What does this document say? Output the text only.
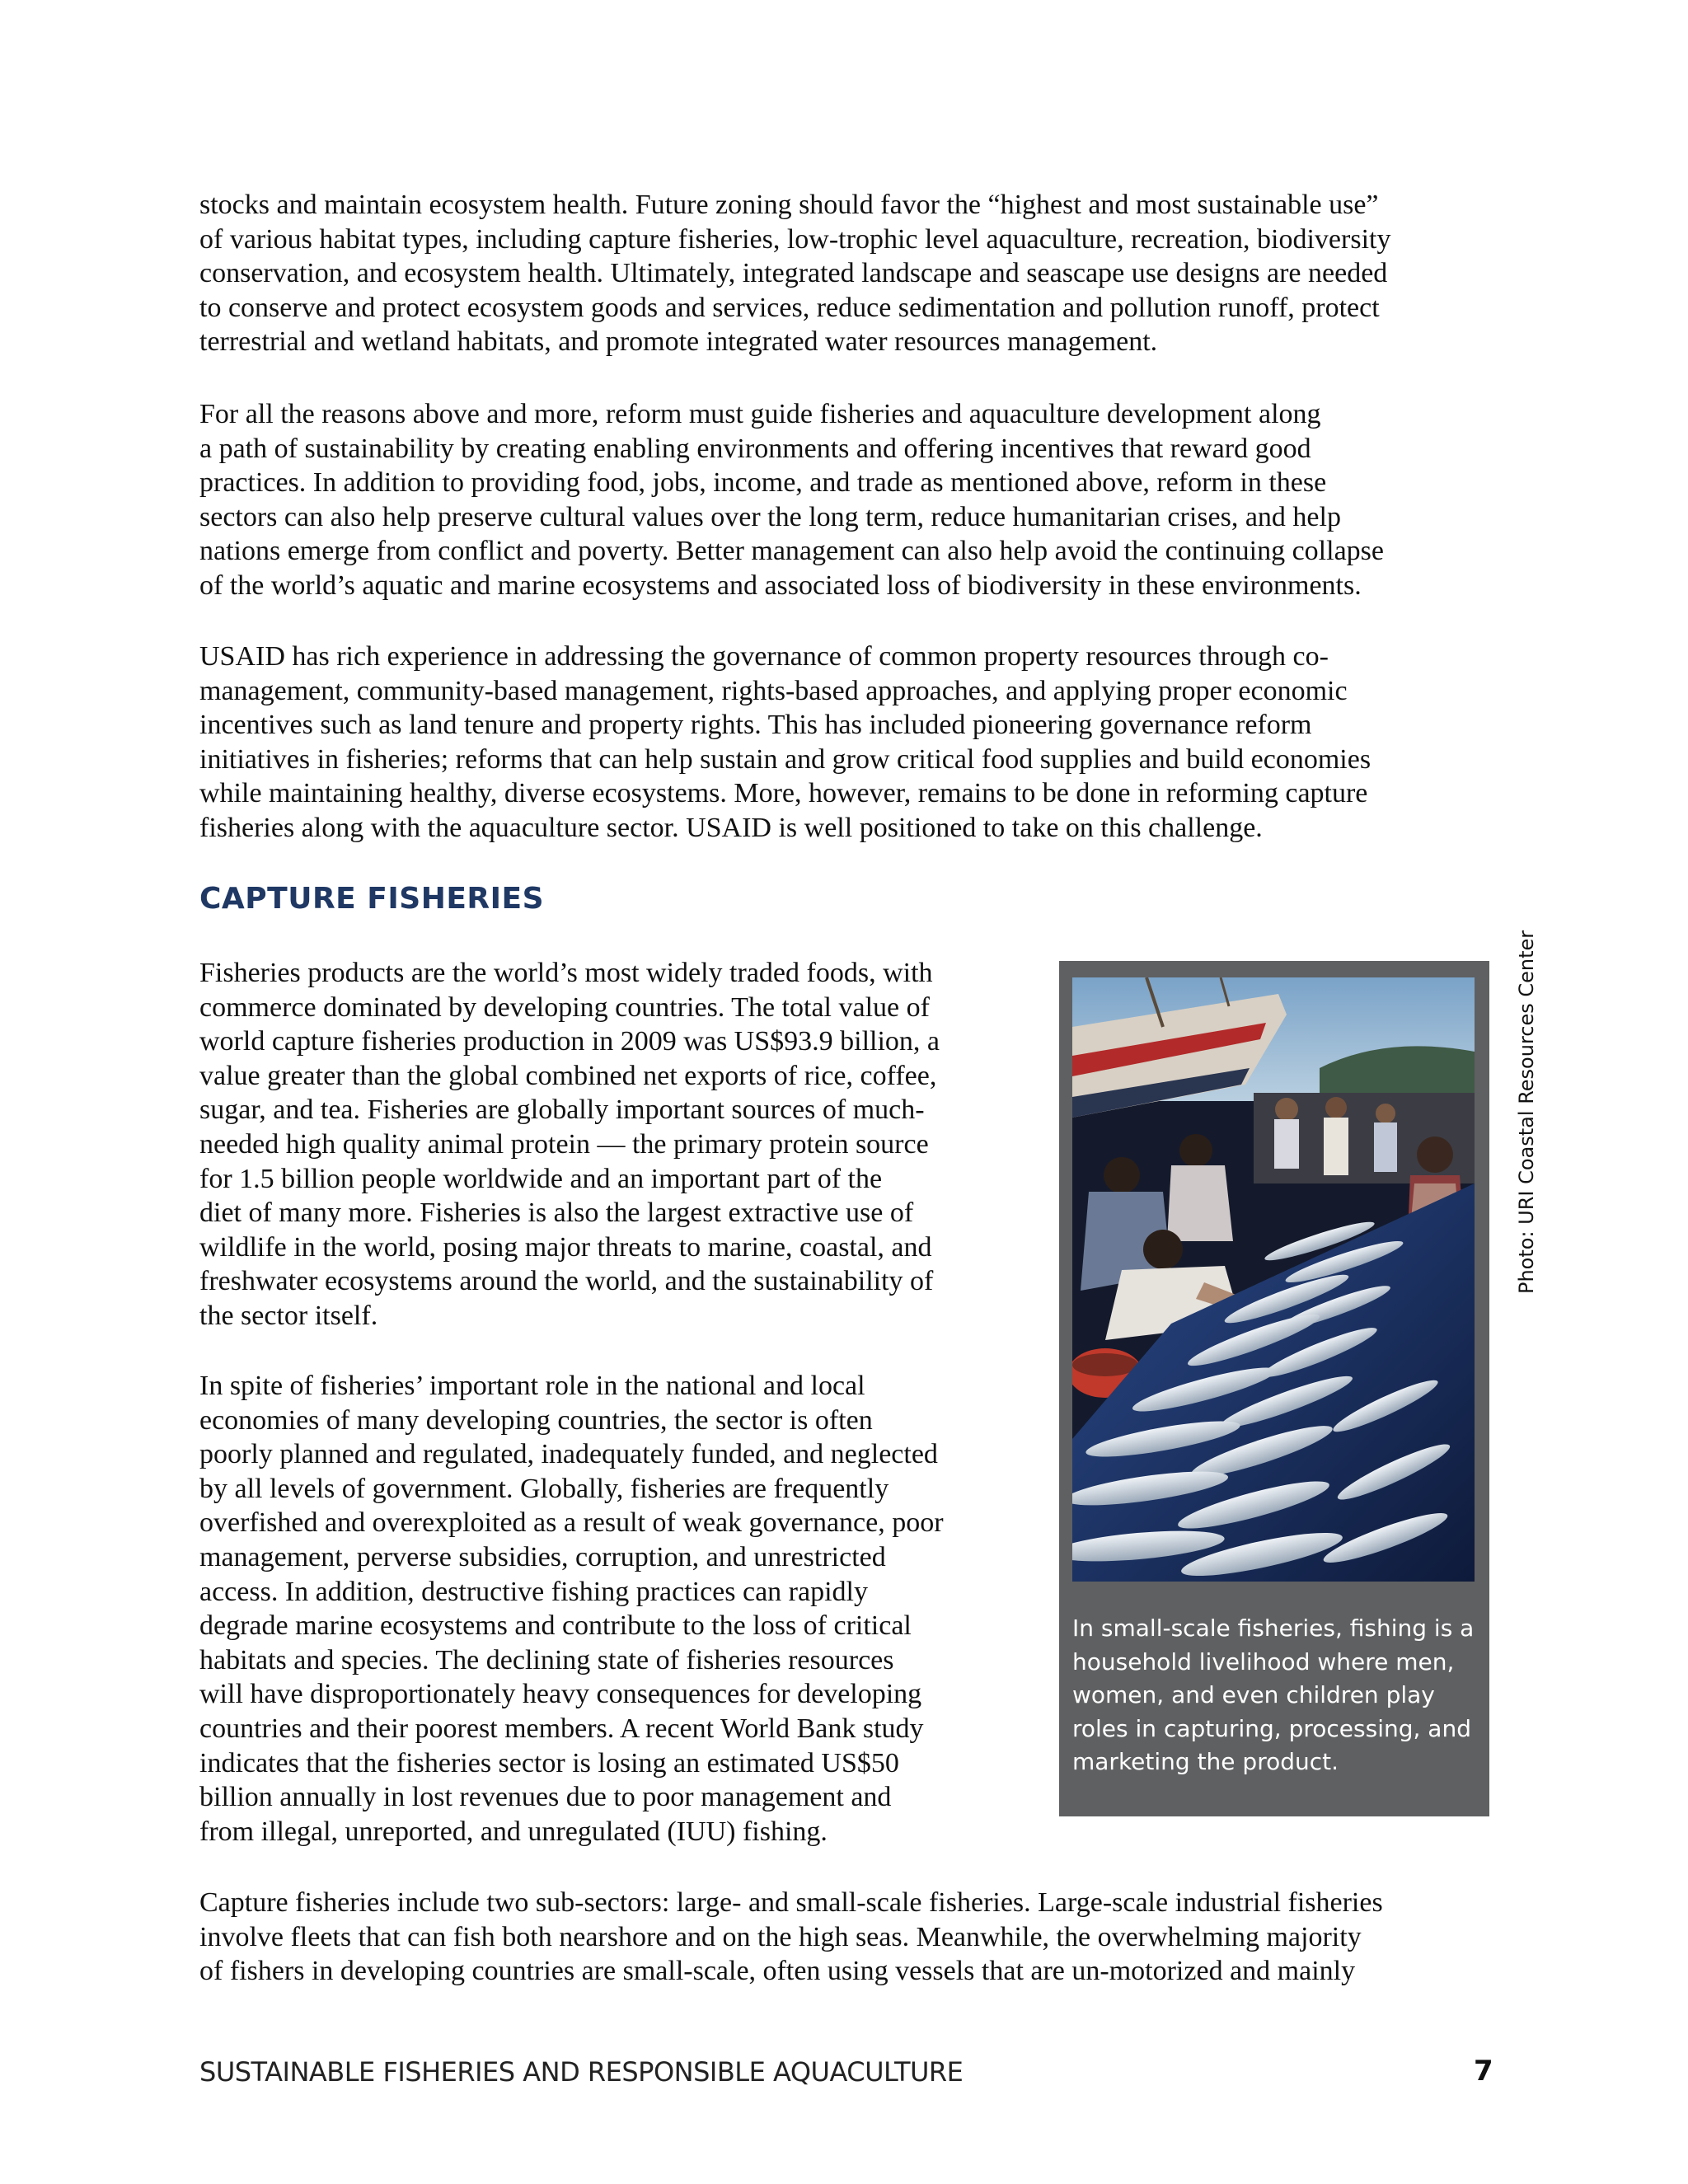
stocks and maintain ecosystem health. Future zoning should favor the “highest and most sustainable use”
of various habitat types, including capture fisheries, low-trophic level aquaculture, recreation, biodiversity
conservation, and ecosystem health. Ultimately, integrated landscape and seascape use designs are needed
to conserve and protect ecosystem goods and services, reduce sedimentation and pollution runoff, protect
terrestrial and wetland habitats, and promote integrated water resources management.

For all the reasons above and more, reform must guide fisheries and aquaculture development along
a path of sustainability by creating enabling environments and offering incentives that reward good
practices. In addition to providing food, jobs, income, and trade as mentioned above, reform in these
sectors can also help preserve cultural values over the long term, reduce humanitarian crises, and help
nations emerge from conflict and poverty. Better management can also help avoid the continuing collapse
of the world’s aquatic and marine ecosystems and associated loss of biodiversity in these environments.

USAID has rich experience in addressing the governance of common property resources through co-
management, community-based management, rights-based approaches, and applying proper economic
incentives such as land tenure and property rights. This has included pioneering governance reform
initiatives in fisheries; reforms that can help sustain and grow critical food supplies and build economies
while maintaining healthy, diverse ecosystems. More, however, remains to be done in reforming capture
fisheries along with the aquaculture sector. USAID is well positioned to take on this challenge.

CAPTURE FISHERIES

Fisheries products are the world’s most widely traded foods, with
commerce dominated by developing countries. The total value of
world capture fisheries production in 2009 was US$93.9 billion, a
value greater than the global combined net exports of rice, coffee,
sugar, and tea. Fisheries are globally important sources of much-
needed high quality animal protein — the primary protein source
for 1.5 billion people worldwide and an important part of the
diet of many more. Fisheries is also the largest extractive use of
wildlife in the world, posing major threats to marine, coastal, and
freshwater ecosystems around the world, and the sustainability of
the sector itself.

In spite of fisheries’ important role in the national and local
economies of many developing countries, the sector is often
poorly planned and regulated, inadequately funded, and neglected
by all levels of government. Globally, fisheries are frequently
overfished and overexploited as a result of weak governance, poor
management, perverse subsidies, corruption, and unrestricted
access. In addition, destructive fishing practices can rapidly
degrade marine ecosystems and contribute to the loss of critical
habitats and species. The declining state of fisheries resources
will have disproportionately heavy consequences for developing
countries and their poorest members. A recent World Bank study
indicates that the fisheries sector is losing an estimated US$50
billion annually in lost revenues due to poor management and
from illegal, unreported, and unregulated (IUU) fishing.

In small-scale fisheries, fishing is a
household livelihood where men,
women, and even children play
roles in capturing, processing, and
marketing the product.

Photo: URI Coastal Resources Center

Capture fisheries include two sub-sectors: large- and small-scale fisheries. Large-scale industrial fisheries
involve fleets that can fish both nearshore and on the high seas. Meanwhile, the overwhelming majority
of fishers in developing countries are small-scale, often using vessels that are un-motorized and mainly

SUSTAINABLE FISHERIES AND RESPONSIBLE AQUACULTURE	7
